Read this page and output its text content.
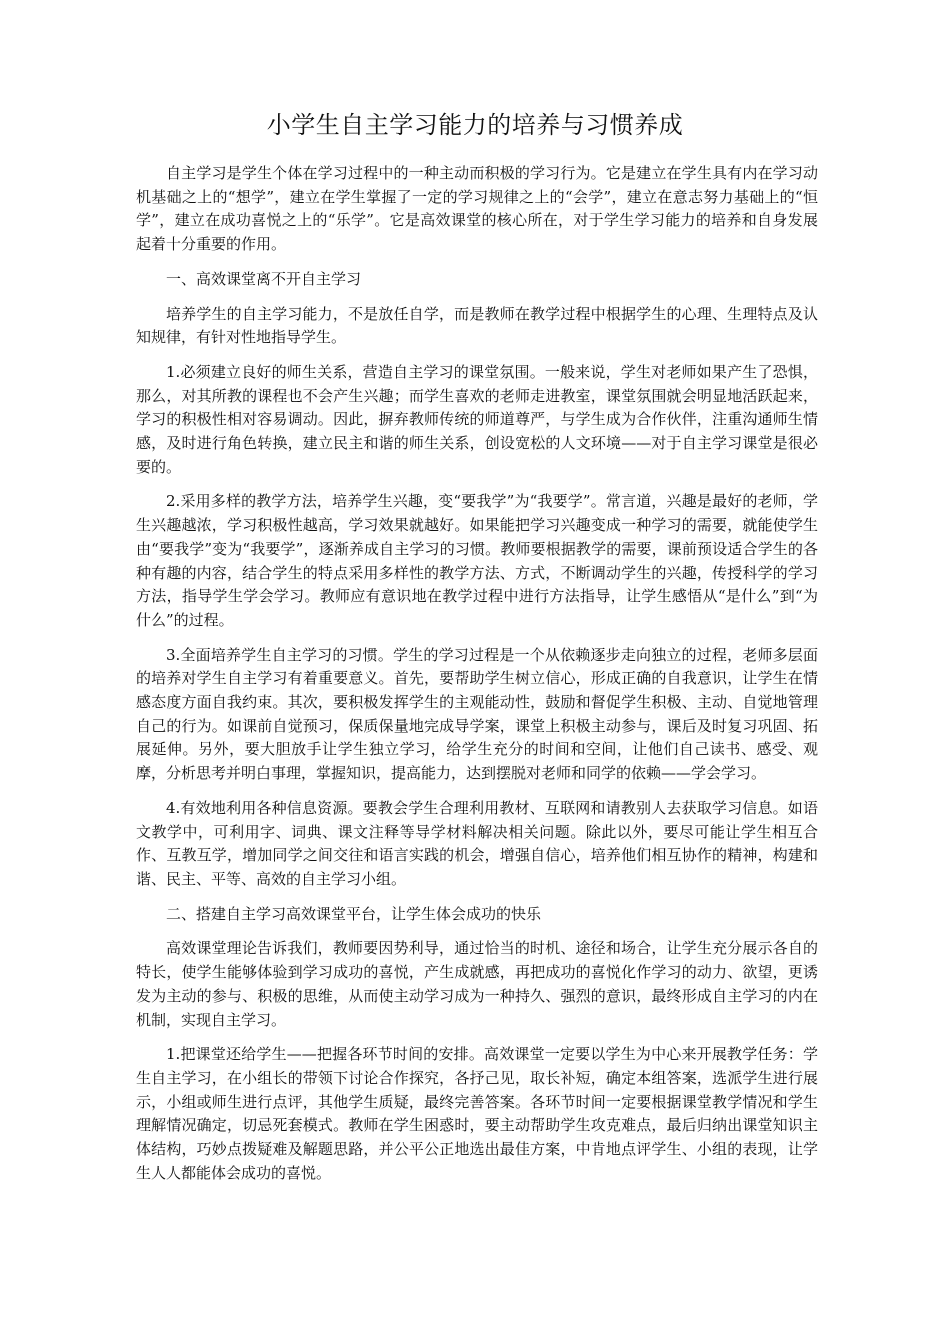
小学生自主学习能力的培养与习惯养成

自主学习是学生个体在学习过程中的一种主动而积极的学习行为。它是建立在学生具有内在学习动机基础之上的“想学”，建立在学生掌握了一定的学习规律之上的“会学”，建立在意志努力基础上的“恒学”，建立在成功喜悦之上的“乐学”。它是高效课堂的核心所在，对于学生学习能力的培养和自身发展起着十分重要的作用。

一、高效课堂离不开自主学习

培养学生的自主学习能力，不是放任自学，而是教师在教学过程中根据学生的心理、生理特点及认知规律，有针对性地指导学生。

1.必须建立良好的师生关系，营造自主学习的课堂氛围。一般来说，学生对老师如果产生了恐惧，那么，对其所教的课程也不会产生兴趣；而学生喜欢的老师走进教室，课堂氛围就会明显地活跃起来，学习的积极性相对容易调动。因此，摒弃教师传统的师道尊严，与学生成为合作伙伴，注重沟通师生情感，及时进行角色转换，建立民主和谐的师生关系，创设宽松的人文环境——对于自主学习课堂是很必要的。

2.采用多样的教学方法，培养学生兴趣，变“要我学”为“我要学”。常言道，兴趣是最好的老师，学生兴趣越浓，学习积极性越高，学习效果就越好。如果能把学习兴趣变成一种学习的需要，就能使学生由“要我学”变为“我要学”，逐渐养成自主学习的习惯。教师要根据教学的需要，课前预设适合学生的各种有趣的内容，结合学生的特点采用多样性的教学方法、方式，不断调动学生的兴趣，传授科学的学习方法，指导学生学会学习。教师应有意识地在教学过程中进行方法指导，让学生感悟从“是什么”到“为什么”的过程。

3.全面培养学生自主学习的习惯。学生的学习过程是一个从依赖逐步走向独立的过程，老师多层面的培养对学生自主学习有着重要意义。首先，要帮助学生树立信心，形成正确的自我意识，让学生在情感态度方面自我约束。其次，要积极发挥学生的主观能动性，鼓励和督促学生积极、主动、自觉地管理自己的行为。如课前自觉预习，保质保量地完成导学案，课堂上积极主动参与，课后及时复习巩固、拓展延伸。另外，要大胆放手让学生独立学习，给学生充分的时间和空间，让他们自己读书、感受、观摩，分析思考并明白事理，掌握知识，提高能力，达到摆脱对老师和同学的依赖——学会学习。

4.有效地利用各种信息资源。要教会学生合理利用教材、互联网和请教别人去获取学习信息。如语文教学中，可利用字、词典、课文注释等导学材料解决相关问题。除此以外，要尽可能让学生相互合作、互教互学，增加同学之间交往和语言实践的机会，增强自信心，培养他们相互协作的精神，构建和谐、民主、平等、高效的自主学习小组。

二、搭建自主学习高效课堂平台，让学生体会成功的快乐

高效课堂理论告诉我们，教师要因势利导，通过恰当的时机、途径和场合，让学生充分展示各自的特长，使学生能够体验到学习成功的喜悦，产生成就感，再把成功的喜悦化作学习的动力、欲望，更诱发为主动的参与、积极的思维，从而使主动学习成为一种持久、强烈的意识，最终形成自主学习的内在机制，实现自主学习。

1.把课堂还给学生——把握各环节时间的安排。高效课堂一定要以学生为中心来开展教学任务：学生自主学习，在小组长的带领下讨论合作探究，各抒己见，取长补短，确定本组答案，选派学生进行展示，小组或师生进行点评，其他学生质疑，最终完善答案。各环节时间一定要根据课堂教学情况和学生理解情况确定，切忌死套模式。教师在学生困惑时，要主动帮助学生攻克难点，最后归纳出课堂知识主体结构，巧妙点拨疑难及解题思路，并公平公正地选出最佳方案，中肯地点评学生、小组的表现，让学生人人都能体会成功的喜悦。
